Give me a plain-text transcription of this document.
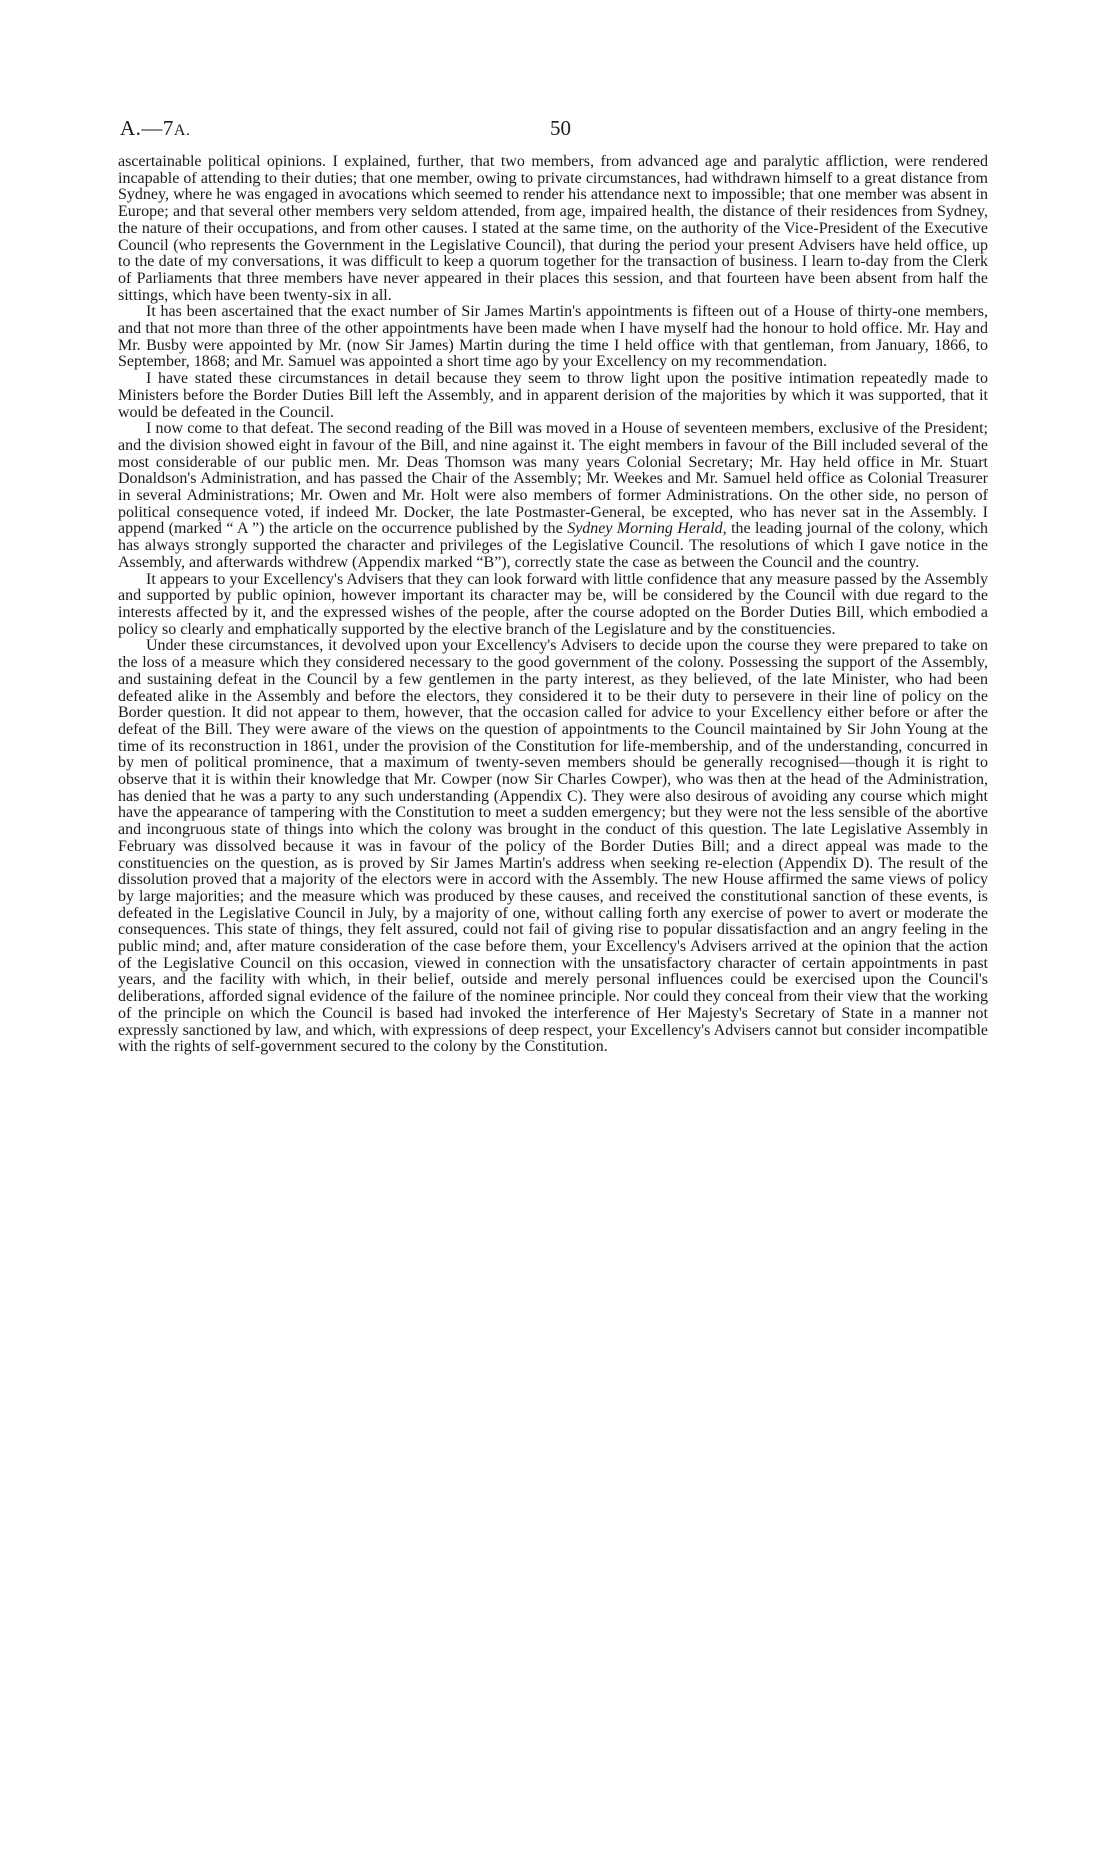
A.—7A.	50

ascertainable political opinions. I explained, further, that two members, from advanced age and paralytic affliction, were rendered incapable of attending to their duties; that one member, owing to private circumstances, had withdrawn himself to a great distance from Sydney, where he was engaged in avocations which seemed to render his attendance next to impossible; that one member was absent in Europe; and that several other members very seldom attended, from age, impaired health, the distance of their residences from Sydney, the nature of their occupations, and from other causes. I stated at the same time, on the authority of the Vice-President of the Executive Council (who represents the Government in the Legislative Council), that during the period your present Advisers have held office, up to the date of my conversations, it was difficult to keep a quorum together for the transaction of business. I learn to-day from the Clerk of Parliaments that three members have never appeared in their places this session, and that fourteen have been absent from half the sittings, which have been twenty-six in all.

It has been ascertained that the exact number of Sir James Martin's appointments is fifteen out of a House of thirty-one members, and that not more than three of the other appointments have been made when I have myself had the honour to hold office. Mr. Hay and Mr. Busby were appointed by Mr. (now Sir James) Martin during the time I held office with that gentleman, from January, 1866, to September, 1868; and Mr. Samuel was appointed a short time ago by your Excellency on my recommendation.

I have stated these circumstances in detail because they seem to throw light upon the positive intimation repeatedly made to Ministers before the Border Duties Bill left the Assembly, and in apparent derision of the majorities by which it was supported, that it would be defeated in the Council.

I now come to that defeat. The second reading of the Bill was moved in a House of seventeen members, exclusive of the President; and the division showed eight in favour of the Bill, and nine against it. The eight members in favour of the Bill included several of the most considerable of our public men. Mr. Deas Thomson was many years Colonial Secretary; Mr. Hay held office in Mr. Stuart Donaldson's Administration, and has passed the Chair of the Assembly; Mr. Weekes and Mr. Samuel held office as Colonial Treasurer in several Administrations; Mr. Owen and Mr. Holt were also members of former Administrations. On the other side, no person of political consequence voted, if indeed Mr. Docker, the late Postmaster-General, be excepted, who has never sat in the Assembly. I append (marked “ A ”) the article on the occurrence published by the Sydney Morning Herald, the leading journal of the colony, which has always strongly supported the character and privileges of the Legislative Council. The resolutions of which I gave notice in the Assembly, and afterwards withdrew (Appendix marked “B”), correctly state the case as between the Council and the country.

It appears to your Excellency's Advisers that they can look forward with little confidence that any measure passed by the Assembly and supported by public opinion, however important its character may be, will be considered by the Council with due regard to the interests affected by it, and the expressed wishes of the people, after the course adopted on the Border Duties Bill, which embodied a policy so clearly and emphatically supported by the elective branch of the Legislature and by the constituencies.

Under these circumstances, it devolved upon your Excellency's Advisers to decide upon the course they were prepared to take on the loss of a measure which they considered necessary to the good government of the colony. Possessing the support of the Assembly, and sustaining defeat in the Council by a few gentlemen in the party interest, as they believed, of the late Minister, who had been defeated alike in the Assembly and before the electors, they considered it to be their duty to persevere in their line of policy on the Border question. It did not appear to them, however, that the occasion called for advice to your Excellency either before or after the defeat of the Bill. They were aware of the views on the question of appointments to the Council maintained by Sir John Young at the time of its reconstruction in 1861, under the provision of the Constitution for life-membership, and of the understanding, concurred in by men of political prominence, that a maximum of twenty-seven members should be generally recognised—though it is right to observe that it is within their knowledge that Mr. Cowper (now Sir Charles Cowper), who was then at the head of the Administration, has denied that he was a party to any such understanding (Appendix C). They were also desirous of avoiding any course which might have the appearance of tampering with the Constitution to meet a sudden emergency; but they were not the less sensible of the abortive and incongruous state of things into which the colony was brought in the conduct of this question. The late Legislative Assembly in February was dissolved because it was in favour of the policy of the Border Duties Bill; and a direct appeal was made to the constituencies on the question, as is proved by Sir James Martin's address when seeking re-election (Appendix D). The result of the dissolution proved that a majority of the electors were in accord with the Assembly. The new House affirmed the same views of policy by large majorities; and the measure which was produced by these causes, and received the constitutional sanction of these events, is defeated in the Legislative Council in July, by a majority of one, without calling forth any exercise of power to avert or moderate the consequences. This state of things, they felt assured, could not fail of giving rise to popular dissatisfaction and an angry feeling in the public mind; and, after mature consideration of the case before them, your Excellency's Advisers arrived at the opinion that the action of the Legislative Council on this occasion, viewed in connection with the unsatisfactory character of certain appointments in past years, and the facility with which, in their belief, outside and merely personal influences could be exercised upon the Council's deliberations, afforded signal evidence of the failure of the nominee principle. Nor could they conceal from their view that the working of the principle on which the Council is based had invoked the interference of Her Majesty's Secretary of State in a manner not expressly sanctioned by law, and which, with expressions of deep respect, your Excellency's Advisers cannot but consider incompatible with the rights of self-government secured to the colony by the Constitution.
